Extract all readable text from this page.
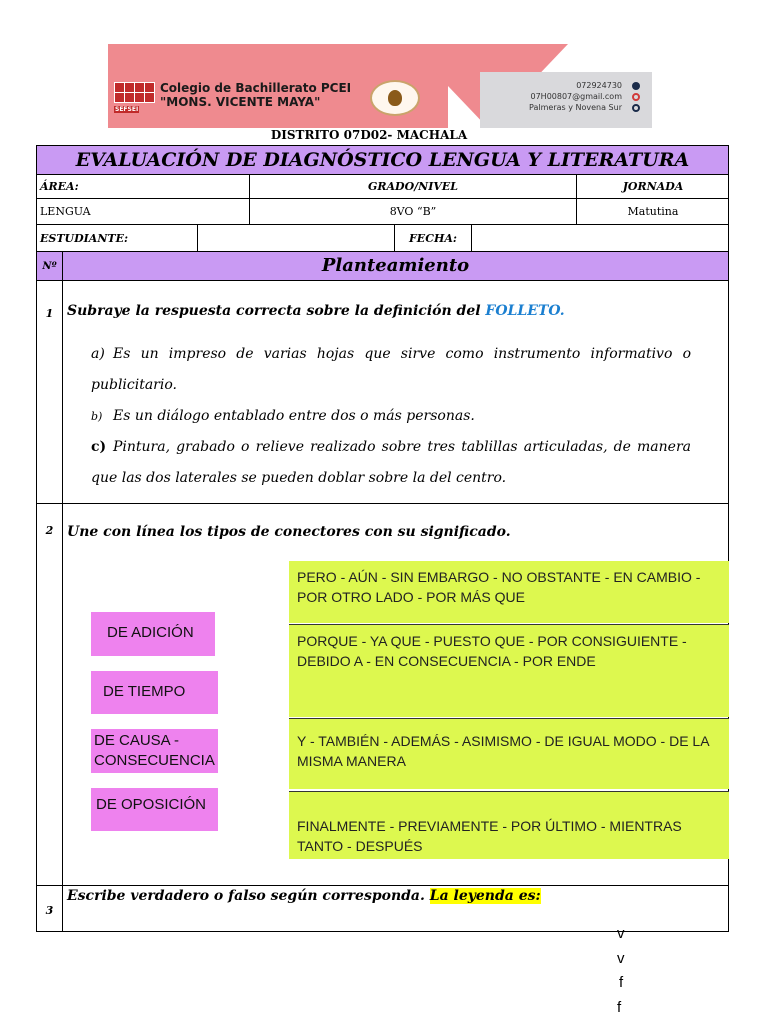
SEFSEI
Colegio de Bachillerato PCEI
"MONS. VICENTE MAYA"
072924730
07H00807@gmail.com
Palmeras y Novena Sur
DISTRITO 07D02- MACHALA
EVALUACIÓN DE DIAGNÓSTICO LENGUA Y LITERATURA
ÁREA:	GRADO/NIVEL	JORNADA
LENGUA	8VO “B”	Matutina
ESTUDIANTE:	FECHA:
Nº	Planteamiento
1 Subraye la respuesta correcta sobre la definición del FOLLETO.
a) Es un impreso de varias hojas que sirve como instrumento informativo o publicitario.
b) Es un diálogo entablado entre dos o más personas.
c) Pintura, grabado o relieve realizado sobre tres tablillas articuladas, de manera que las dos laterales se pueden doblar sobre la del centro.
2 Une con línea los tipos de conectores con su significado.
3
Escribe verdadero o falso según corresponda. La leyenda es:
DE ADICIÓN
DE TIEMPO
DE CAUSA - CONSECUENCIA
DE OPOSICIÓN
PERO - AÚN - SIN EMBARGO - NO OBSTANTE - EN CAMBIO - POR OTRO LADO - POR MÁS QUE
PORQUE - YA QUE - PUESTO QUE - POR CONSIGUIENTE - DEBIDO A - EN CONSECUENCIA - POR ENDE
Y - TAMBIÉN - ADEMÁS - ASIMISMO - DE IGUAL MODO - DE LA MISMA MANERA
FINALMENTE - PREVIAMENTE - POR ÚLTIMO - MIENTRAS TANTO - DESPUÉS
v
v
f
f
